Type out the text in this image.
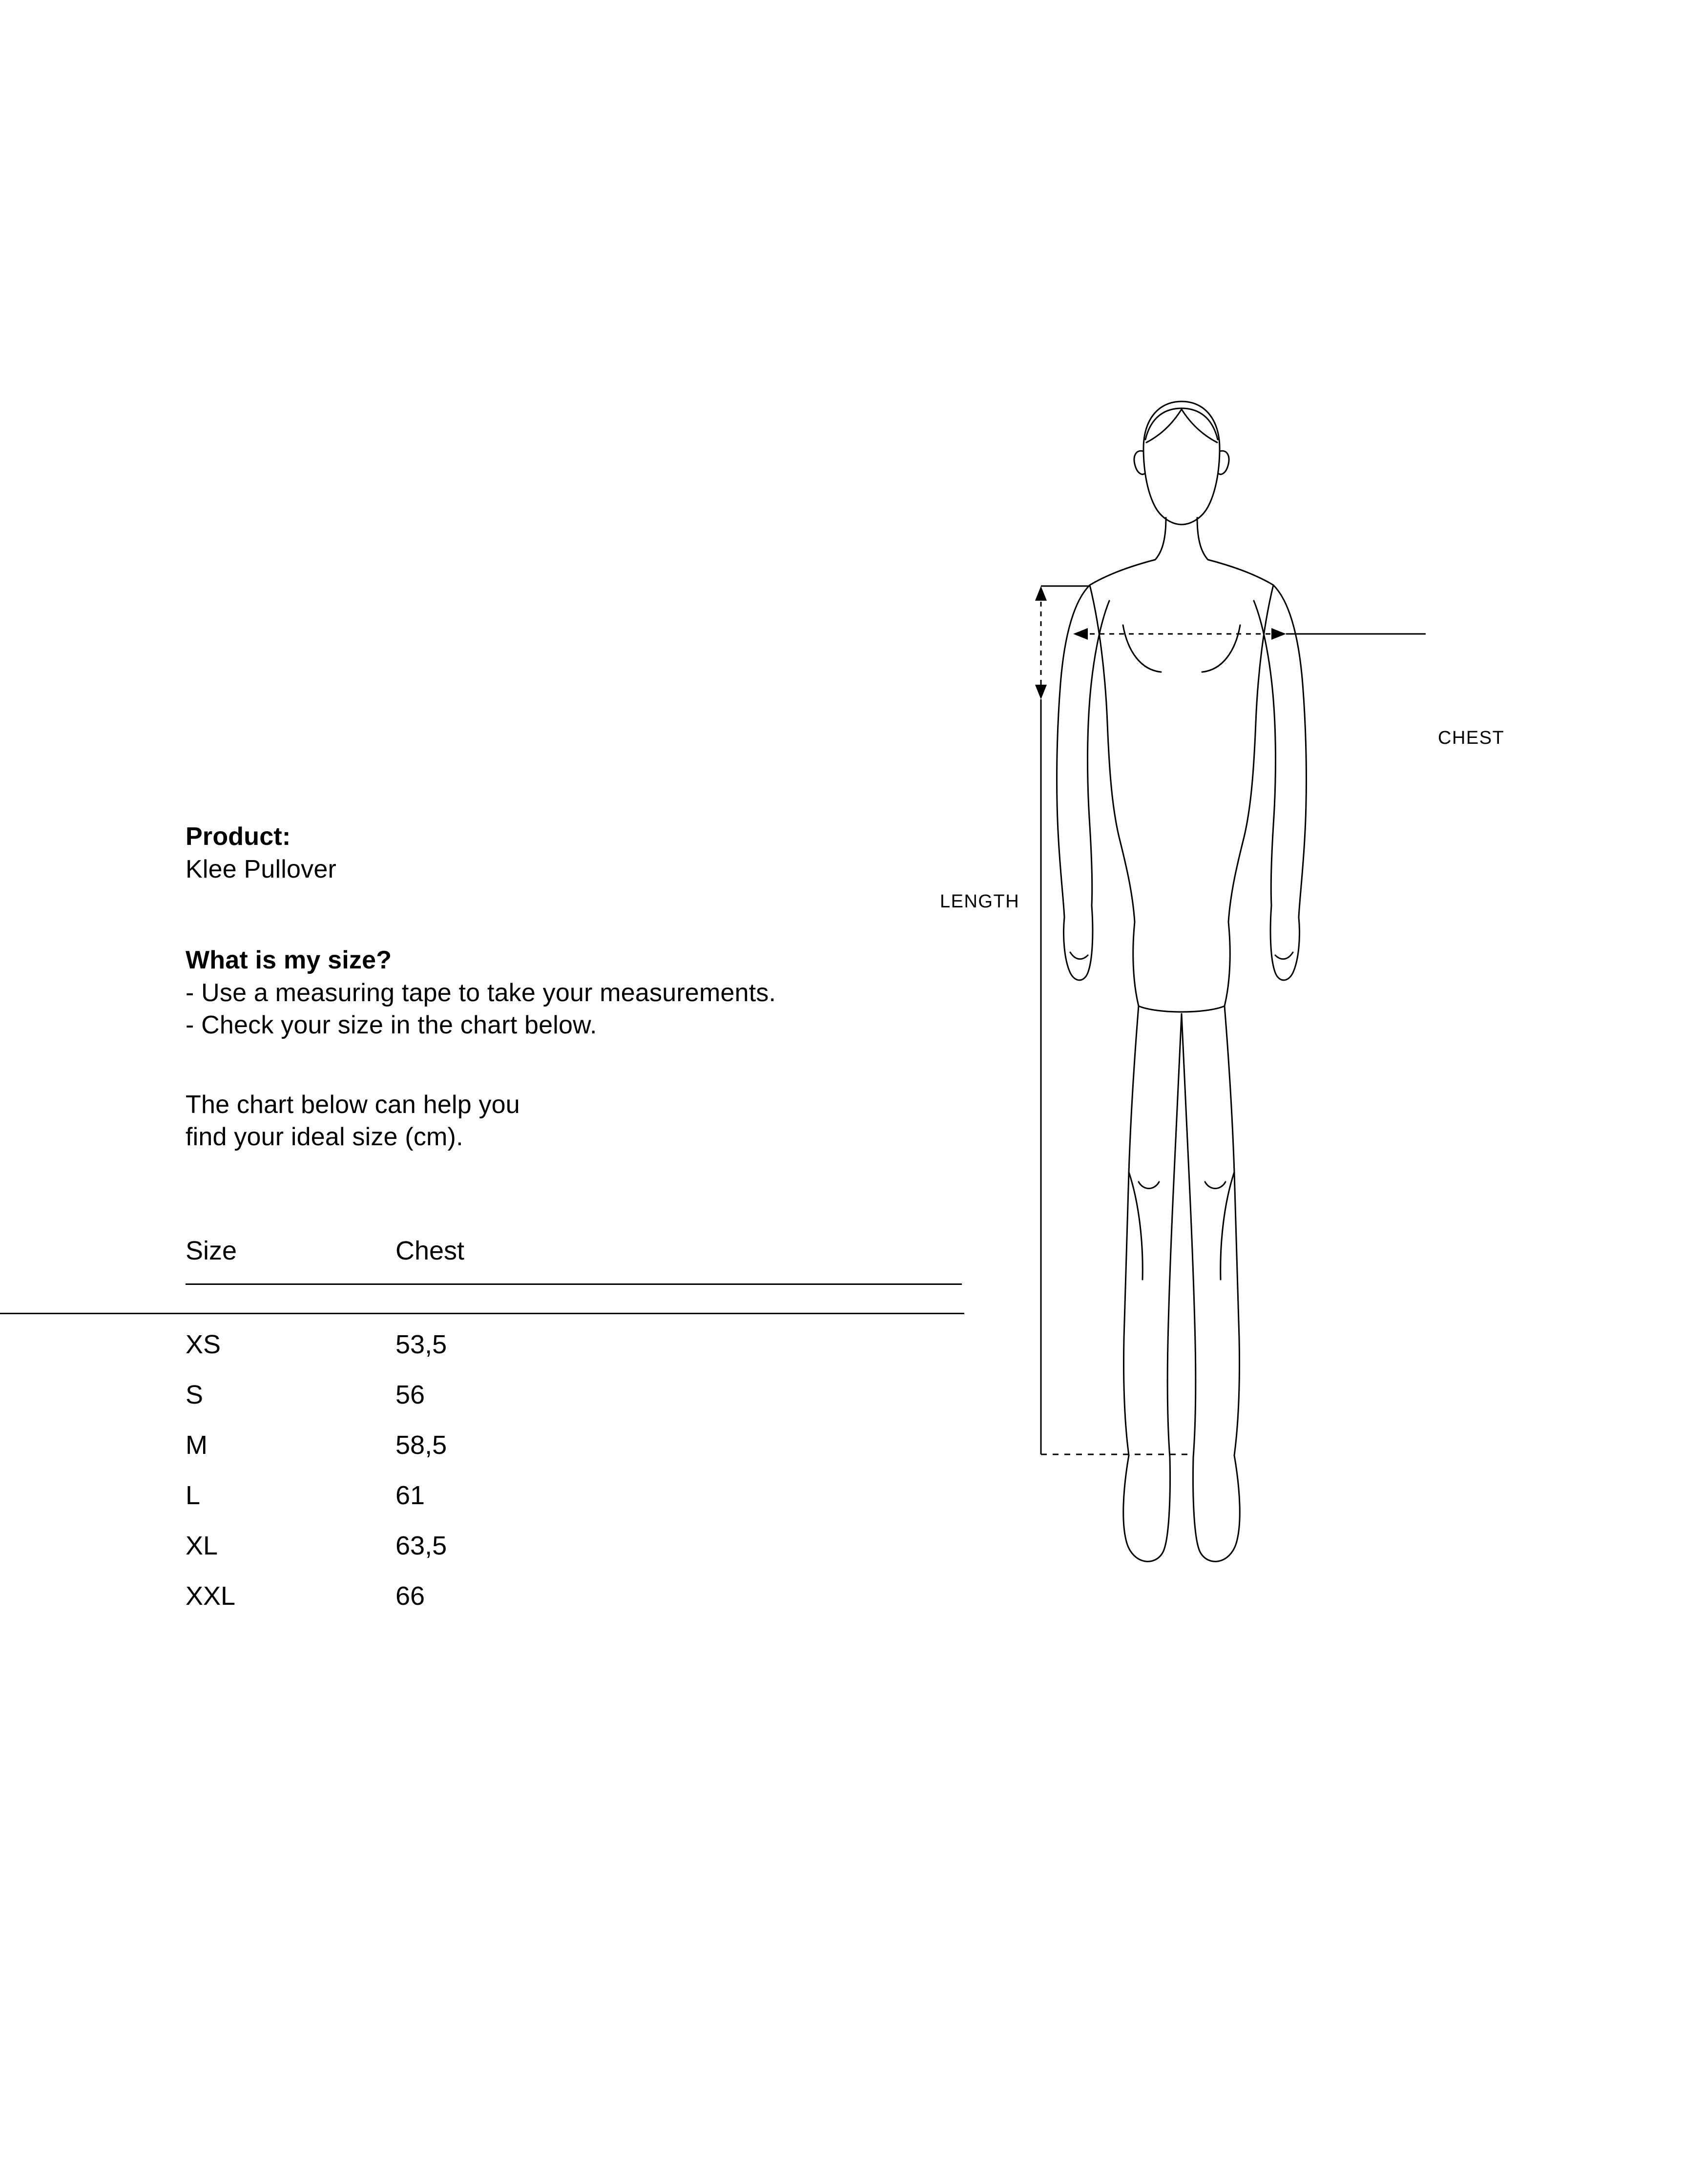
Product:
Klee Pullover
What is my size?
- Use a measuring tape to take your measurements.
- Check your size in the chart below.
The chart below can help you
find your ideal size (cm).
Size	Chest
XS	53,5
S	56
M	58,5
L	61
XL	63,5
XXL	66
CHEST
LENGTH
